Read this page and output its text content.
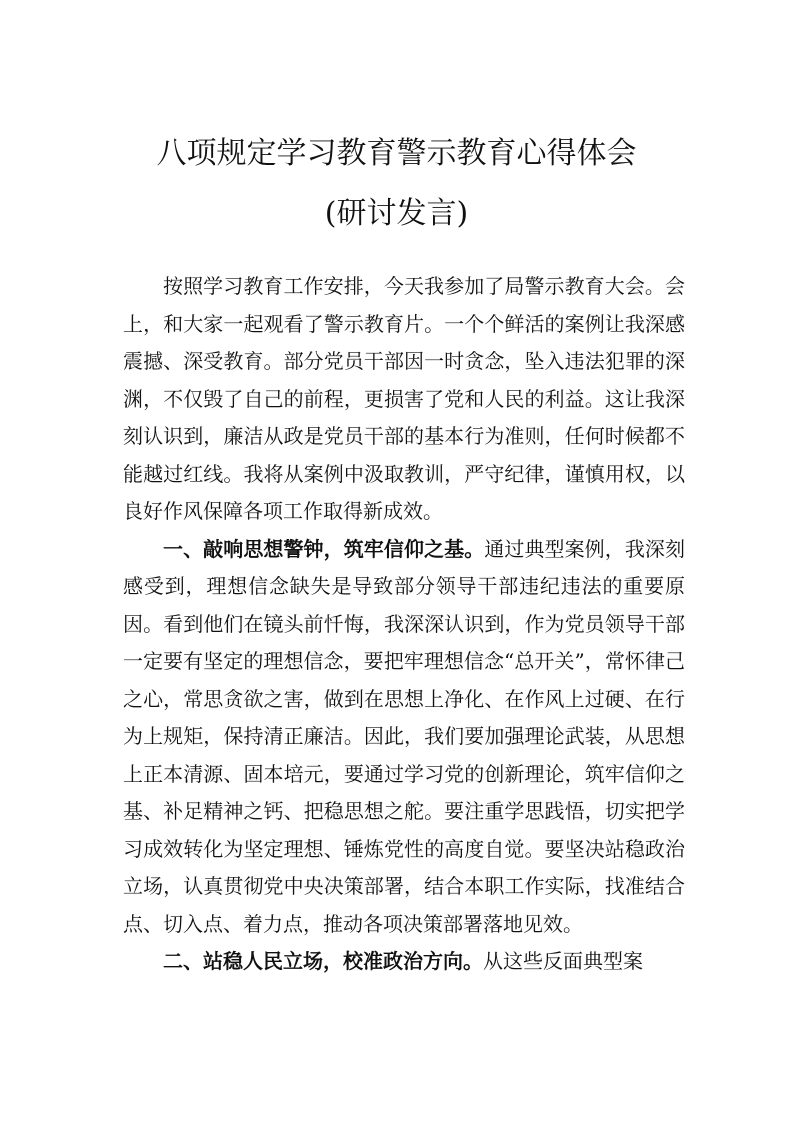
八项规定学习教育警示教育心得体会
(研讨发言)

按照学习教育工作安排，今天我参加了局警示教育大会。会上，和大家一起观看了警示教育片。一个个鲜活的案例让我深感震撼、深受教育。部分党员干部因一时贪念，坠入违法犯罪的深渊，不仅毁了自己的前程，更损害了党和人民的利益。这让我深刻认识到，廉洁从政是党员干部的基本行为准则，任何时候都不能越过红线。我将从案例中汲取教训，严守纪律，谨慎用权，以良好作风保障各项工作取得新成效。

一、敲响思想警钟，筑牢信仰之基。通过典型案例，我深刻感受到，理想信念缺失是导致部分领导干部违纪违法的重要原因。看到他们在镜头前忏悔，我深深认识到，作为党员领导干部一定要有坚定的理想信念，要把牢理想信念“总开关”，常怀律己之心，常思贪欲之害，做到在思想上净化、在作风上过硬、在行为上规矩，保持清正廉洁。因此，我们要加强理论武装，从思想上正本清源、固本培元，要通过学习党的创新理论，筑牢信仰之基、补足精神之钙、把稳思想之舵。要注重学思践悟，切实把学习成效转化为坚定理想、锤炼党性的高度自觉。要坚决站稳政治立场，认真贯彻党中央决策部署，结合本职工作实际，找准结合点、切入点、着力点，推动各项决策部署落地见效。

二、站稳人民立场，校准政治方向。从这些反面典型案
